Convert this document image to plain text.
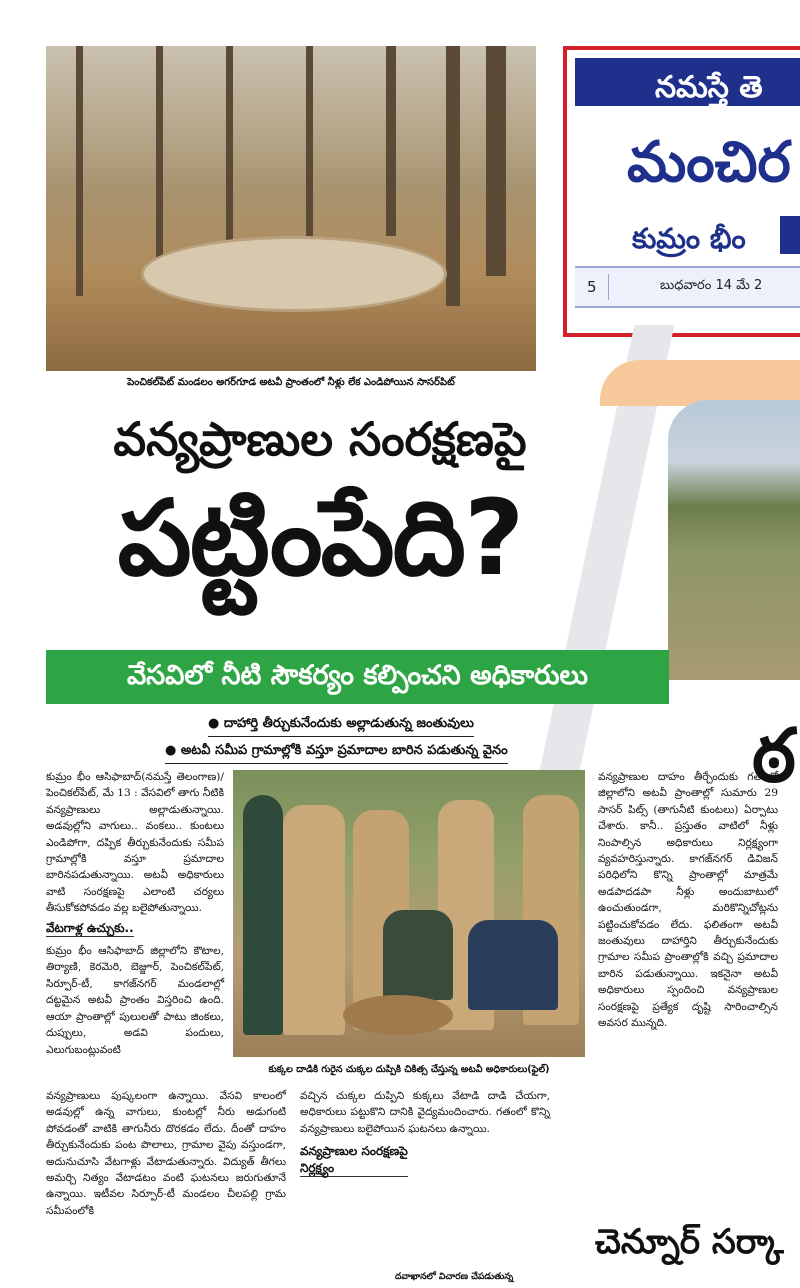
పెంచికల్‌పేట్ మండలం అగర్‌గూడ అటవీ ప్రాంతంలో నీళ్లు లేక ఎండిపోయిన సాసర్‌పిట్
నమస్తే తె
మంచిర
కుమ్రం భీం
5	బుధవారం 14 మే 2
ఠ
వన్యప్రాణుల సంరక్షణపై
పట్టింపేది?
వేసవిలో నీటి సౌకర్యం కల్పించని అధికారులు
● దాహార్తి తీర్చుకునేందుకు అల్లాడుతున్న జంతువులు
● అటవీ సమీప గ్రామాల్లోకి వస్తూ ప్రమాదాల బారిన పడుతున్న వైనం

కుమ్రం భీం ఆసిఫాబాద్(నమస్తే తెలంగాణ)/పెంచికల్‌పేట్, మే 13 : వేసవిలో తాగు నీటికి వన్యప్రాణులు అల్లాడుతున్నాయి. అడవుల్లోని వాగులు.. వంకలు.. కుంటలు ఎండిపోగా, దప్పిక తీర్చుకునేందుకు సమీప గ్రామాల్లోకి వస్తూ ప్రమాదాల బారినపడుతున్నాయి. అటవీ అధికారులు వాటి సంరక్షణపై ఎలాంటి చర్యలు తీసుకోకపోవడం వల్ల బలైపోతున్నాయి.

వేటగాళ్ల ఉచ్చుకు..

కుమ్రం భీం ఆసిఫాబాద్ జిల్లాలోని కౌటాల, తిర్యాణి, కెరమెరి, బెజ్జూర్, పెంచికల్‌పేట్, సిర్పూర్-టీ, కాగజ్‌నగర్ మండలాల్లో దట్టమైన అటవీ ప్రాంతం విస్తరించి ఉంది. ఆయా ప్రాంతాల్లో పులులతో పాటు జింకలు, దుప్పులు, అడవి పందులు, ఎలుగుబంట్లువంటి

కుక్కల దాడికి గురైన చుక్కల దుప్పికి చికిత్స చేస్తున్న అటవీ అధికారులు(ఫైల్)

వన్యప్రాణుల దాహం తీర్చేందుకు గతంలో జిల్లాలోని అటవీ ప్రాంతాల్లో సుమారు 29 సాసర్ పిట్స్ (తాగునీటి కుంటలు) ఏర్పాటు చేశారు. కానీ.. ప్రస్తుతం వాటిలో నీళ్లు నింపాల్సిన అధికారులు నిర్లక్ష్యంగా వ్యవహరిస్తున్నారు. కాగజ్‌నగర్ డివిజన్ పరిధిలోని కొన్ని ప్రాంతాల్లో మాత్రమే అడపాదడపా నీళ్లు అందుబాటులో ఉంచుతుండగా, మరికొన్నిచోట్లను పట్టించుకోవడం లేదు. ఫలితంగా అటవీ జంతువులు దాహార్తిని తీర్చుకునేందుకు గ్రామాల సమీప ప్రాంతాల్లోకి వచ్చి ప్రమాదాల బారిన పడుతున్నాయి. ఇకనైనా అటవీ అధికారులు స్పందించి వన్యప్రాణుల సంరక్షణపై ప్రత్యేక దృష్టి సారించాల్సిన అవసర మున్నది.

వన్యప్రాణులు పుష్కలంగా ఉన్నాయి. వేసవి కాలంలో అడవుల్లో ఉన్న వాగులు, కుంటల్లో నీరు అడుగంటి పోవడంతో వాటికి తాగునీరు దొరకడం లేదు. దీంతో దాహం తీర్చుకునేందుకు పంట పొలాలు, గ్రామాల వైపు వస్తుండగా, అదునుచూసి వేటగాళ్లు వేటాడుతున్నారు. విద్యుత్ తీగలు అమర్చి నిత్యం వేటాడటం వంటి ఘటనలు జరుగుతూనే ఉన్నాయి. ఇటీవల సిర్పూర్-టీ మండలం చీలపల్లి గ్రామ సమీపంలోకి

వచ్చిన చుక్కల దుప్పిని కుక్కలు వేటాడి దాడి చేయగా, అధికారులు పట్టుకొని దానికి వైద్యమందించారు. గతంలో కొన్ని వన్యప్రాణులు బలైపోయిన ఘటనలు ఉన్నాయి.

వన్యప్రాణుల సంరక్షణపై
నిర్లక్ష్యం
చెన్నూర్ సర్కా
దవాఖానలో విచారణ చేపడుతున్న
